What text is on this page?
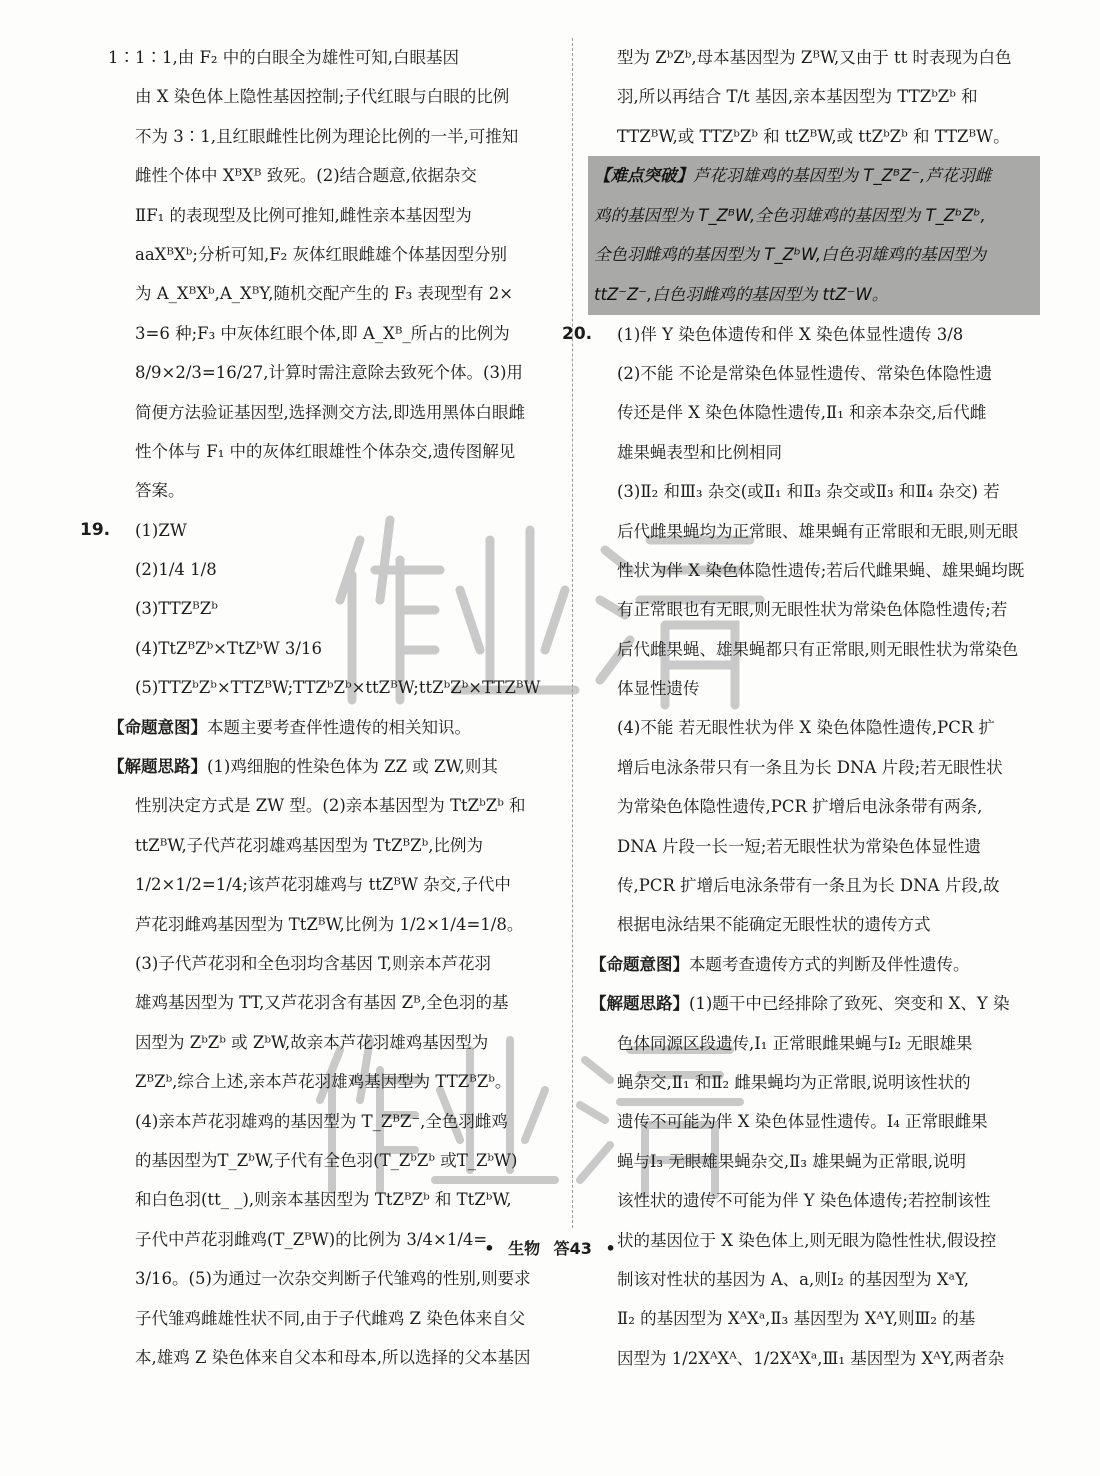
1∶1∶1,由 F₂ 中的白眼全为雄性可知,白眼基因
由 X 染色体上隐性基因控制;子代红眼与白眼的比例
不为 3∶1,且红眼雌性比例为理论比例的一半,可推知
雌性个体中 XᴮXᴮ 致死。(2)结合题意,依据杂交
ⅡF₁ 的表现型及比例可推知,雌性亲本基因型为
aaXᴮXᵇ;分析可知,F₂ 灰体红眼雌雄个体基因型分别
为 A_XᴮXᵇ,A_XᴮY,随机交配产生的 F₃ 表现型有 2×
3=6 种;F₃ 中灰体红眼个体,即 A_Xᴮ_所占的比例为
8/9×2/3=16/27,计算时需注意除去致死个体。(3)用
简便方法验证基因型,选择测交方法,即选用黑体白眼雌
性个体与 F₁ 中的灰体红眼雄性个体杂交,遗传图解见
答案。
19. (1)ZW
(2)1/4 1/8
(3)TTZᴮZᵇ
(4)TtZᴮZᵇ×TtZᵇW 3/16
(5)TTZᵇZᵇ×TTZᴮW;TTZᵇZᵇ×ttZᴮW;ttZᵇZᵇ×TTZᴮW
【命题意图】本题主要考查伴性遗传的相关知识。
【解题思路】(1)鸡细胞的性染色体为 ZZ 或 ZW,则其
性别决定方式是 ZW 型。(2)亲本基因型为 TtZᵇZᵇ 和
ttZᴮW,子代芦花羽雄鸡基因型为 TtZᴮZᵇ,比例为
1/2×1/2=1/4;该芦花羽雄鸡与 ttZᴮW 杂交,子代中
芦花羽雌鸡基因型为 TtZᴮW,比例为 1/2×1/4=1/8。
(3)子代芦花羽和全色羽均含基因 T,则亲本芦花羽
雄鸡基因型为 TT,又芦花羽含有基因 Zᴮ,全色羽的基
因型为 ZᵇZᵇ 或 ZᵇW,故亲本芦花羽雄鸡基因型为
ZᴮZᵇ,综合上述,亲本芦花羽雄鸡基因型为 TTZᴮZᵇ。
(4)亲本芦花羽雄鸡的基因型为 T_ZᴮZ⁻,全色羽雌鸡
的基因型为T_ZᵇW,子代有全色羽(T_ZᵇZᵇ 或T_ZᵇW)
和白色羽(tt_ _),则亲本基因型为 TtZᴮZᵇ 和 TtZᵇW,
子代中芦花羽雌鸡(T_ZᴮW)的比例为 3/4×1/4=
3/16。(5)为通过一次杂交判断子代雏鸡的性别,则要求
子代雏鸡雌雄性状不同,由于子代雌鸡 Z 染色体来自父
本,雄鸡 Z 染色体来自父本和母本,所以选择的父本基因
型为 ZᵇZᵇ,母本基因型为 ZᴮW,又由于 tt 时表现为白色
羽,所以再结合 T/t 基因,亲本基因型为 TTZᵇZᵇ 和
TTZᴮW,或 TTZᵇZᵇ 和 ttZᴮW,或 ttZᵇZᵇ 和 TTZᴮW。
【难点突破】芦花羽雄鸡的基因型为 T_ZᴮZ⁻,芦花羽雌
鸡的基因型为 T_ZᴮW,全色羽雄鸡的基因型为 T_ZᵇZᵇ,
全色羽雌鸡的基因型为 T_ZᵇW,白色羽雄鸡的基因型为
ttZ⁻Z⁻,白色羽雌鸡的基因型为 ttZ⁻W。
20. (1)伴 Y 染色体遗传和伴 X 染色体显性遗传 3/8
(2)不能 不论是常染色体显性遗传、常染色体隐性遗
传还是伴 X 染色体隐性遗传,Ⅱ₁ 和亲本杂交,后代雌
雄果蝇表型和比例相同
(3)Ⅱ₂ 和Ⅲ₃ 杂交(或Ⅱ₁ 和Ⅱ₃ 杂交或Ⅱ₃ 和Ⅱ₄ 杂交) 若
后代雌果蝇均为正常眼、雄果蝇有正常眼和无眼,则无眼
性状为伴 X 染色体隐性遗传;若后代雌果蝇、雄果蝇均既
有正常眼也有无眼,则无眼性状为常染色体隐性遗传;若
后代雌果蝇、雄果蝇都只有正常眼,则无眼性状为常染色
体显性遗传
(4)不能 若无眼性状为伴 X 染色体隐性遗传,PCR 扩
增后电泳条带只有一条且为长 DNA 片段;若无眼性状
为常染色体隐性遗传,PCR 扩增后电泳条带有两条,
DNA 片段一长一短;若无眼性状为常染色体显性遗
传,PCR 扩增后电泳条带有一条且为长 DNA 片段,故
根据电泳结果不能确定无眼性状的遗传方式
【命题意图】本题考查遗传方式的判断及伴性遗传。
【解题思路】(1)题干中已经排除了致死、突变和 X、Y 染
色体同源区段遗传,Ⅰ₁ 正常眼雌果蝇与Ⅰ₂ 无眼雄果
蝇杂交,Ⅱ₁ 和Ⅱ₂ 雌果蝇均为正常眼,说明该性状的
遗传不可能为伴 X 染色体显性遗传。Ⅰ₄ 正常眼雌果
蝇与Ⅰ₃ 无眼雄果蝇杂交,Ⅱ₃ 雄果蝇为正常眼,说明
该性状的遗传不可能为伴 Y 染色体遗传;若控制该性
状的基因位于 X 染色体上,则无眼为隐性性状,假设控
制该对性状的基因为 A、a,则Ⅰ₂ 的基因型为 XᵃY,
Ⅱ₂ 的基因型为 XᴬXᵃ,Ⅱ₃ 基因型为 XᴬY,则Ⅲ₂ 的基
因型为 1/2XᴬXᴬ、1/2XᴬXᵃ,Ⅲ₁ 基因型为 XᴬY,两者杂
• 生物 答43 •
